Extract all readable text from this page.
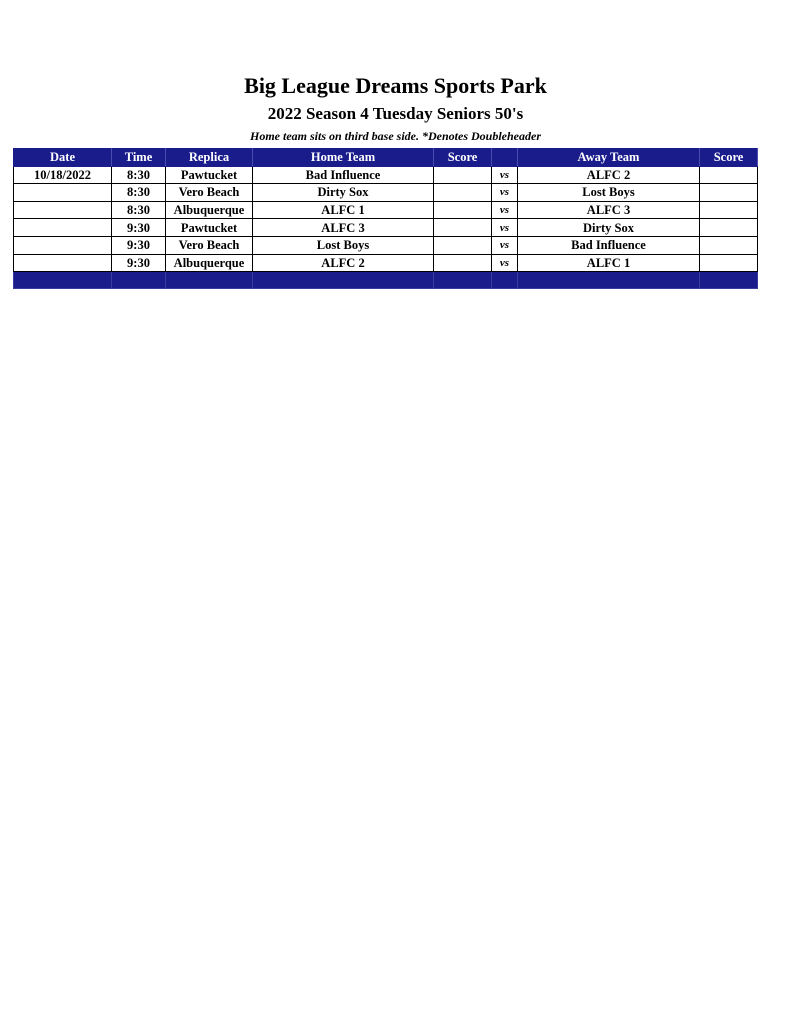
Big League Dreams Sports Park
2022 Season 4 Tuesday Seniors 50's
Home team sits on third base side. *Denotes Doubleheader
Date	Time	Replica	Home Team	Score		Away Team	Score
10/18/2022	8:30	Pawtucket	Bad Influence		vs	ALFC 2	
	8:30	Vero Beach	Dirty Sox		vs	Lost Boys	
	8:30	Albuquerque	ALFC 1		vs	ALFC 3	
	9:30	Pawtucket	ALFC 3		vs	Dirty Sox	
	9:30	Vero Beach	Lost Boys		vs	Bad Influence	
	9:30	Albuquerque	ALFC 2		vs	ALFC 1	
